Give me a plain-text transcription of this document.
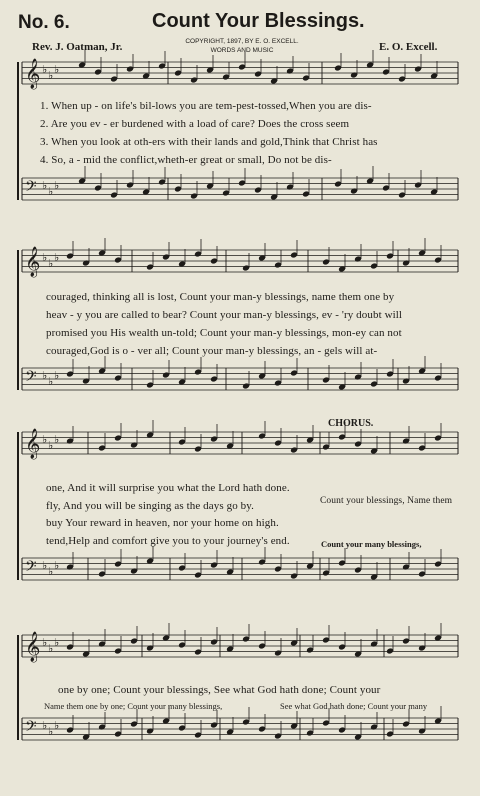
No. 6.	Count Your Blessings.
Rev. J. Oatman, Jr.	COPYRIGHT, 1897, BY E. O. EXCELL.
WORDS AND MUSIC	E. O. Excell.
𝄞 ♭ ♭ ♭
𝄢 ♭ ♭ ♭
𝄞 ♭ ♭ ♭
𝄢 ♭ ♭ ♭
𝄞 ♭ ♭ ♭
𝄢 ♭ ♭ ♭
𝄞 ♭ ♭ ♭
𝄢 ♭ ♭ ♭
1. When up - on life's bil-lows you are tem-pest-tossed,When you are dis-
2. Are you ev - er burdened with a load of care? Does the cross seem
3. When you look at oth-ers with their lands and gold,Think that Christ has
4. So, a - mid the conflict,wheth-er great or small, Do not be dis-
couraged, thinking all is lost, Count your man-y blessings, name them one by
heav - y you are called to bear? Count your man-y blessings, ev - 'ry doubt will
promised you His wealth un-told; Count your man-y blessings, mon-ey can not
couraged,God is o - ver all; Count your man-y blessings, an - gels will at-
CHORUS.
one, And it will surprise you what the Lord hath done.
fly, And you will be singing as the days go by.
buy Your reward in heaven, nor your home on high.
tend,Help and comfort give you to your journey's end.
Count your blessings, Name them
Count your many blessings,
one by one; Count your blessings, See what God hath done; Count your
Name them one by one; Count your many blessings,	See what God hath done; Count your many
